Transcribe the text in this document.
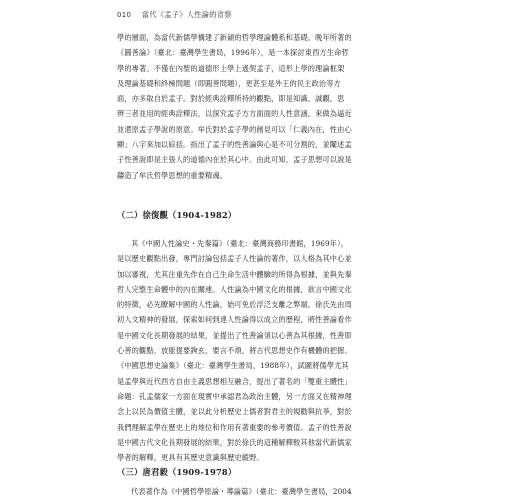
010 當代《孟子》人性論的省察
學的層面，為當代新儒學構建了新穎的哲學理論體系和基礎。晚年所著的
《圓善論》（臺北：臺灣學生書局，1996年），是一本探討東西方生命哲
學的專著。不僅在內聖的道德形上學上遙契孟子，這形上學的理論框架
及理論基礎和終極問題（即圓善問題），更甚至是外王的民主政治等方
面，亦多取自於孟子。對於經典詮釋所持的觀點，即是知識、誠觀、思
辨三者並用的經典詮釋法，以探究孟子方方面面的人性意涵，來做為逼近
並還原孟子學說的原意。牟氏對於孟子學的創見可以「仁義內在，性由心
顯」八字來加以綜括。指出了孟子的性善論與心是不可分割的，並闡述孟
子性善說即是主張人的道德內在於其心中。由此可知，孟子思想可以說是
鑄造了牟氏哲學思想的重要精魂。
（二）徐復觀（1904-1982）
其《中國人性論史・先秦篇》（臺北：臺灣商務印書館，1969年），
是以歷史觀點出發，專門討論包括孟子人性論的著作，以人格為其中心並
加以審視，尤其注重先作在自己生命生活中體驗的所得為根據，並與先秦
哲人完整生命體中的內在關連。人性論為中國文化的根據，欲言中國文化
的特徵，必先瞭解中國的人性論，始可免於浮泛支離之弊端。徐氏先由周
初人文精神的發展，探索如何到達人性論得以成立的歷程，將性善論看作
是中國文化長期發展的結果，並提出了性善論須以心善為其根據，性善即
心善的觀點，放能提要鉤玄，要言不煩，將古代思想史作有機體的把握。
《中國思想史論集》（臺北：臺灣學生書局，1988年），試圖將儒學尤其
是孟學與近代西方自由主義思想相互融合，提出了著名的「雙重主體性」
命題：孔孟儒家一方面在現實中承認君為政治主體，另一方面又在精神理
念上以民為價值主體，並以此分析歷史上儒者對君主的規勸與抗爭，對於
我們理解孟學在歷史上的地位和作用有著重要的參考價值。孟子的性善說
是中國古代文化長期發展的結果，對於徐氏的這種解釋較其他當代新儒家
學者的解釋，更具有其歷史意識與歷史縱野。
（三）唐君毅（1909-1978）
代表著作為《中國哲學原論・導論篇》（臺北：臺灣學生書局，2004
